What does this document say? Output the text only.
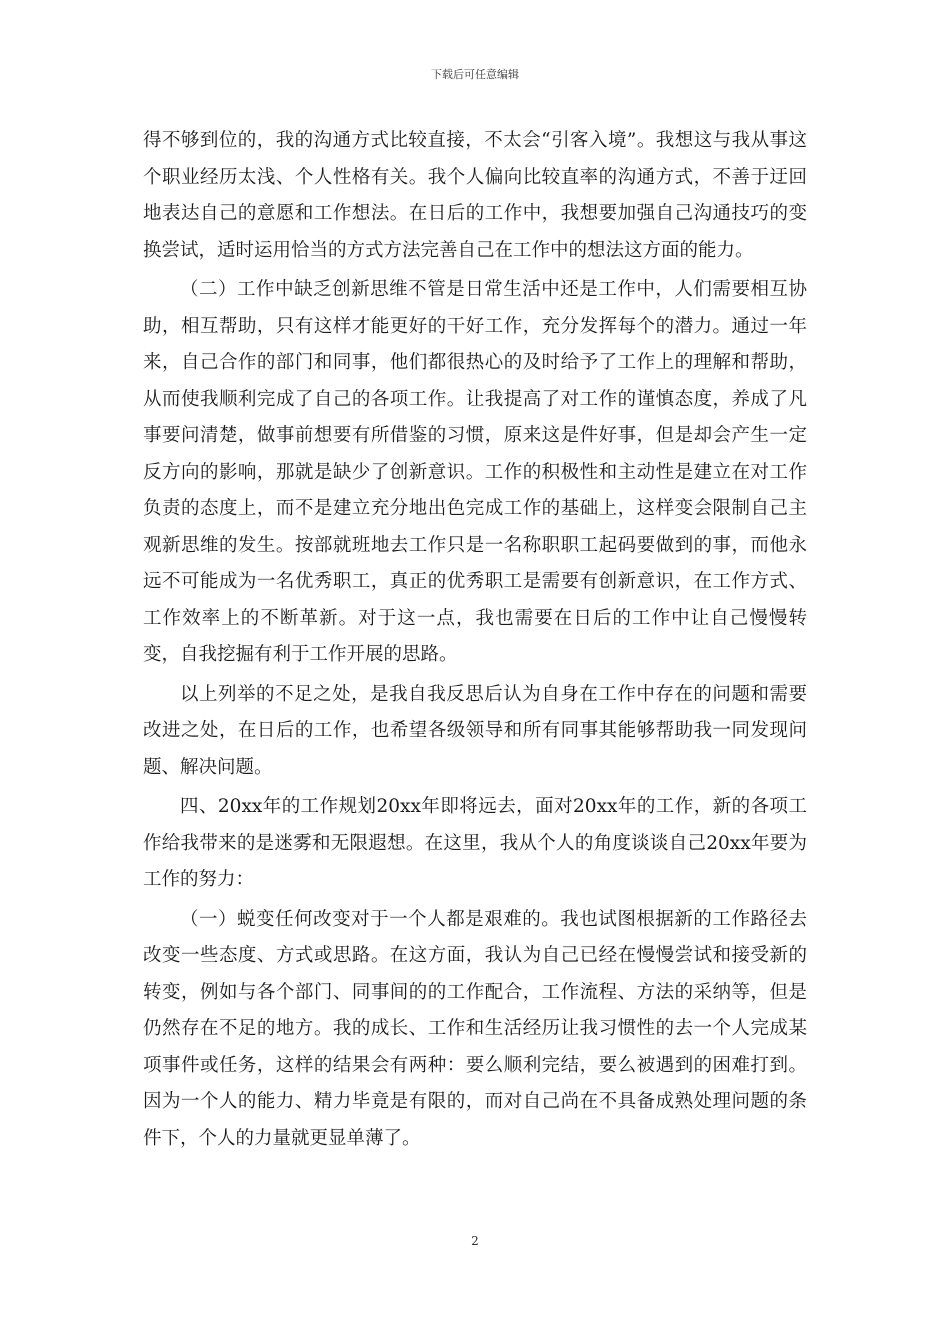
下载后可任意编辑

得不够到位的，我的沟通方式比较直接，不太会“引客入境”。我想这与我从事这个职业经历太浅、个人性格有关。我个人偏向比较直率的沟通方式，不善于迂回地表达自己的意愿和工作想法。在日后的工作中，我想要加强自己沟通技巧的变换尝试，适时运用恰当的方式方法完善自己在工作中的想法这方面的能力。

（二）工作中缺乏创新思维不管是日常生活中还是工作中，人们需要相互协助，相互帮助，只有这样才能更好的干好工作，充分发挥每个的潜力。通过一年来，自己合作的部门和同事，他们都很热心的及时给予了工作上的理解和帮助，从而使我顺利完成了自己的各项工作。让我提高了对工作的谨慎态度，养成了凡事要问清楚，做事前想要有所借鉴的习惯，原来这是件好事，但是却会产生一定反方向的影响，那就是缺少了创新意识。工作的积极性和主动性是建立在对工作负责的态度上，而不是建立充分地出色完成工作的基础上，这样变会限制自己主观新思维的发生。按部就班地去工作只是一名称职职工起码要做到的事，而他永远不可能成为一名优秀职工，真正的优秀职工是需要有创新意识，在工作方式、工作效率上的不断革新。对于这一点，我也需要在日后的工作中让自己慢慢转变，自我挖掘有利于工作开展的思路。

以上列举的不足之处，是我自我反思后认为自身在工作中存在的问题和需要改进之处，在日后的工作，也希望各级领导和所有同事其能够帮助我一同发现问题、解决问题。

四、20xx年的工作规划20xx年即将远去，面对20xx年的工作，新的各项工作给我带来的是迷雾和无限遐想。在这里，我从个人的角度谈谈自己20xx年要为工作的努力：

（一）蜕变任何改变对于一个人都是艰难的。我也试图根据新的工作路径去改变一些态度、方式或思路。在这方面，我认为自己已经在慢慢尝试和接受新的转变，例如与各个部门、同事间的的工作配合，工作流程、方法的采纳等，但是仍然存在不足的地方。我的成长、工作和生活经历让我习惯性的去一个人完成某项事件或任务，这样的结果会有两种：要么顺利完结，要么被遇到的困难打到。因为一个人的能力、精力毕竟是有限的，而对自己尚在不具备成熟处理问题的条件下，个人的力量就更显单薄了。

2
